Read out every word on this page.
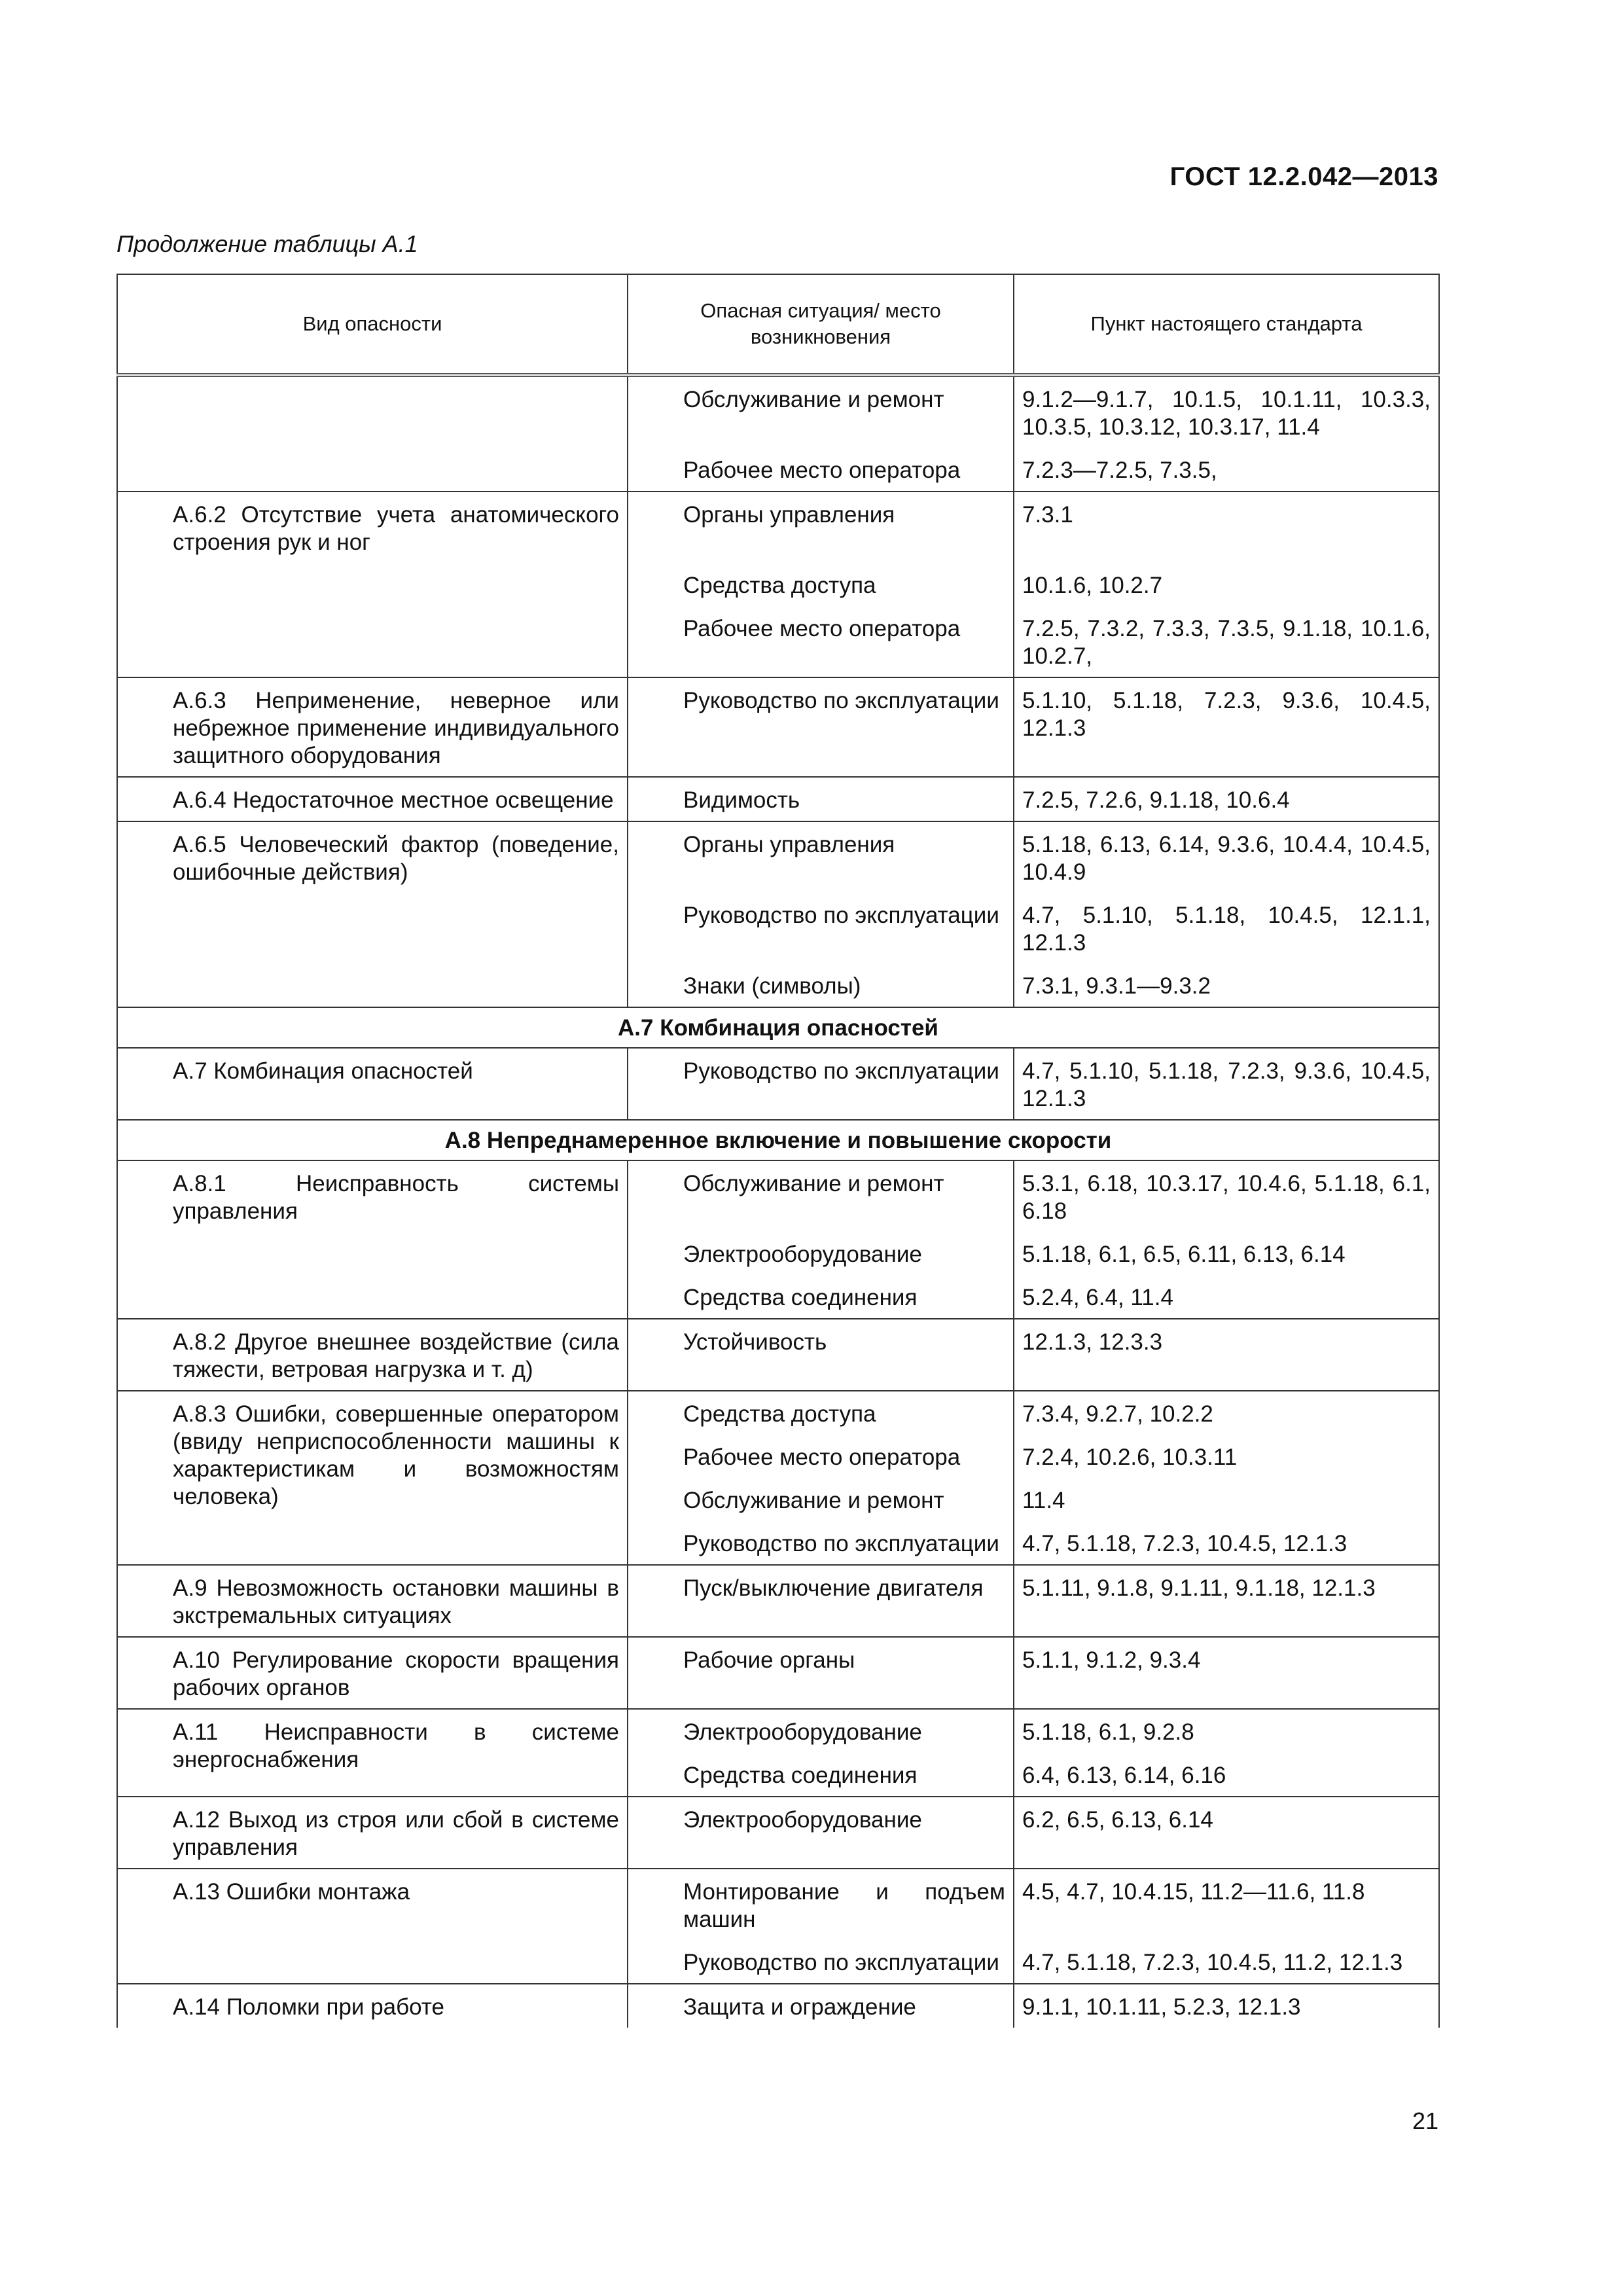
ГОСТ 12.2.042—2013
Продолжение таблицы А.1
Вид опасности	Опасная ситуация/ место возникновения	Пункт настоящего стандарта

	Обслуживание и ремонт	9.1.2—9.1.7, 10.1.5, 10.1.11, 10.3.3, 10.3.5, 10.3.12, 10.3.17, 11.4

	Рабочее место оператора	7.2.3—7.2.5, 7.3.5,

А.6.2 Отсутствие учета анатомического строения рук и ног	Органы управления	7.3.1

	Средства доступа	10.1.6, 10.2.7

	Рабочее место оператора	7.2.5, 7.3.2, 7.3.3, 7.3.5, 9.1.18, 10.1.6, 10.2.7,

А.6.3 Неприменение, неверное или небрежное применение индивидуального защитного оборудования	Руководство по эксплуатации	5.1.10, 5.1.18, 7.2.3, 9.3.6, 10.4.5, 12.1.3

А.6.4 Недостаточное местное освещение	Видимость	7.2.5, 7.2.6, 9.1.18, 10.6.4

А.6.5 Человеческий фактор (поведение, ошибочные действия)	Органы управления	5.1.18, 6.13, 6.14, 9.3.6, 10.4.4, 10.4.5, 10.4.9

	Руководство по эксплуатации	4.7, 5.1.10, 5.1.18, 10.4.5, 12.1.1, 12.1.3

	Знаки (символы)	7.3.1, 9.3.1—9.3.2
А.7 Комбинация опасностей		

А.7 Комбинация опасностей	Руководство по эксплуатации	4.7, 5.1.10, 5.1.18, 7.2.3, 9.3.6, 10.4.5, 12.1.3
А.8 Непреднамеренное включение и повышение скорости		

А.8.1 Неисправность системы управления	Обслуживание и ремонт	5.3.1, 6.18, 10.3.17, 10.4.6, 5.1.18, 6.1, 6.18

	Электрооборудование	5.1.18, 6.1, 6.5, 6.11, 6.13, 6.14

	Средства соединения	5.2.4, 6.4, 11.4

А.8.2 Другое внешнее воздействие (сила тяжести, ветровая нагрузка и т. д)	Устойчивость	12.1.3, 12.3.3

А.8.3 Ошибки, совершенные оператором (ввиду неприспособленности машины к характеристикам и возможностям человека)	Средства доступа	7.3.4, 9.2.7, 10.2.2

	Рабочее место оператора	7.2.4, 10.2.6, 10.3.11

	Обслуживание и ремонт	11.4

	Руководство по эксплуатации	4.7, 5.1.18, 7.2.3, 10.4.5, 12.1.3

А.9 Невозможность остановки машины в экстремальных ситуациях	Пуск/выключение двигателя	5.1.11, 9.1.8, 9.1.11, 9.1.18, 12.1.3

А.10 Регулирование скорости вращения рабочих органов	Рабочие органы	5.1.1, 9.1.2, 9.3.4

А.11 Неисправности в системе энергоснабжения	Электрооборудование	5.1.18, 6.1, 9.2.8

	Средства соединения	6.4, 6.13, 6.14, 6.16

А.12 Выход из строя или сбой в системе управления	Электрооборудование	6.2, 6.5, 6.13, 6.14

А.13 Ошибки монтажа	Монтирование и подъем машин	4.5, 4.7, 10.4.15, 11.2—11.6, 11.8

	Руководство по эксплуатации	4.7, 5.1.18, 7.2.3, 10.4.5, 11.2, 12.1.3

А.14 Поломки при работе	Защита и ограждение	9.1.1, 10.1.11, 5.2.3, 12.1.3
21
